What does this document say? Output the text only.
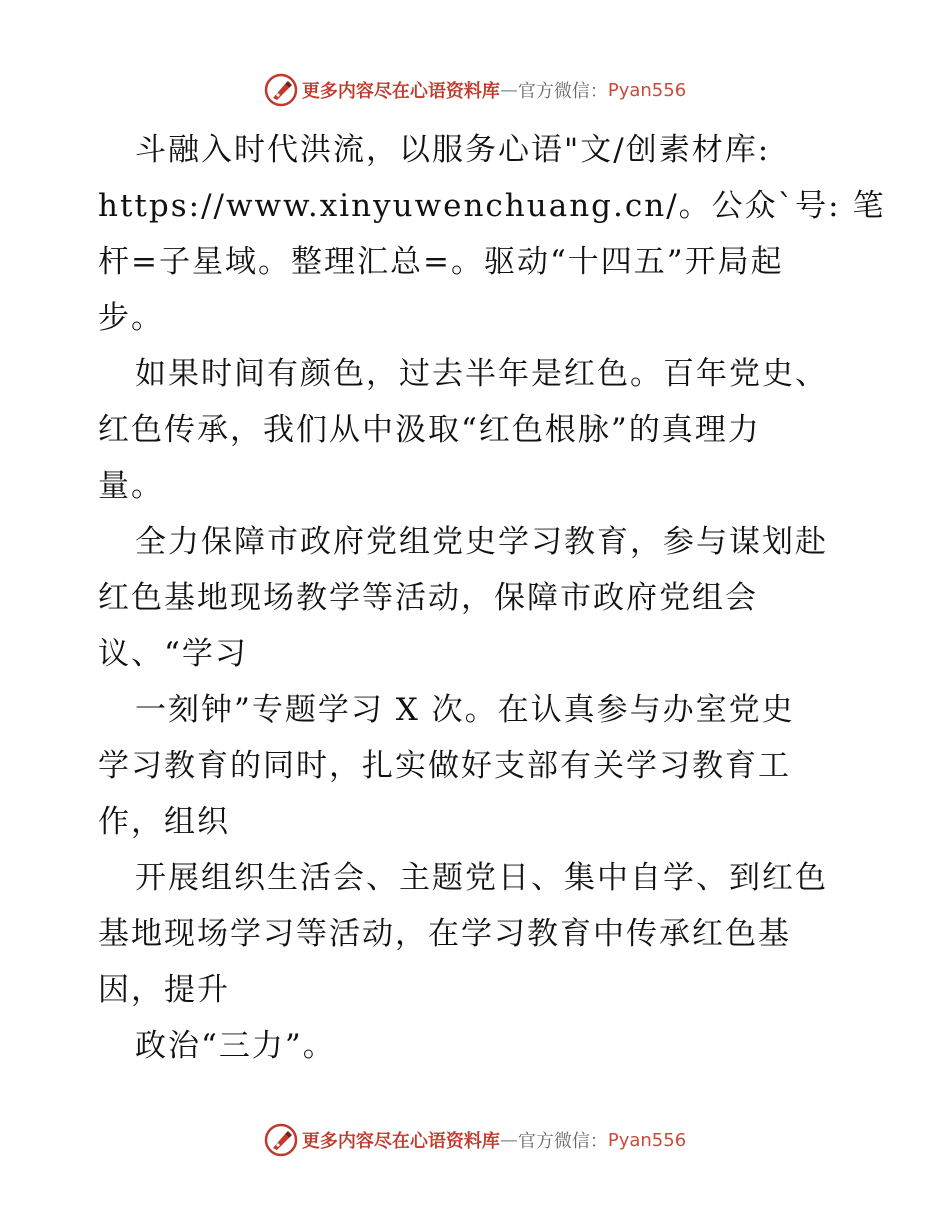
更多内容尽在心语资料库 — 官方微信： Pyan556
斗融入时代洪流，以服务心语"文/创素材库:
https://www.xinyuwenchuang.cn/。公众`号: 笔
杆=子星域。整理汇总=。驱动“十四五”开局起
步。
如果时间有颜色，过去半年是红色。百年党史、
红色传承，我们从中汲取“红色根脉”的真理力
量。
全力保障市政府党组党史学习教育，参与谋划赴
红色基地现场教学等活动，保障市政府党组会
议、“学习
一刻钟”专题学习 X 次。在认真参与办室党史
学习教育的同时，扎实做好支部有关学习教育工
作，组织
开展组织生活会、主题党日、集中自学、到红色
基地现场学习等活动，在学习教育中传承红色基
因，提升
政治“三力”。
更多内容尽在心语资料库 — 官方微信： Pyan556
